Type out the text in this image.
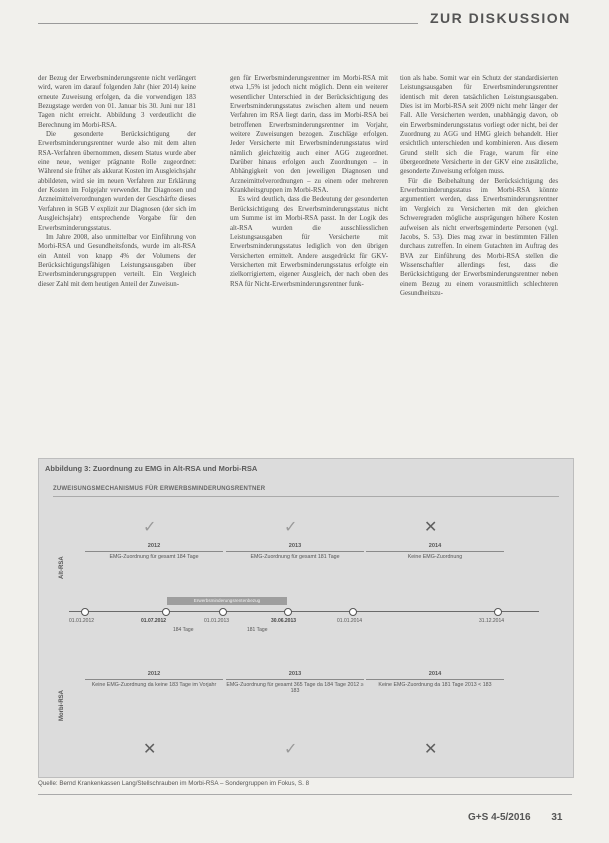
ZUR DISKUSSION

der Bezug der Erwerbsminderungsrente nicht verlängert wird, waren im darauf folgenden Jahr (hier 2014) keine erneute Zuweisung erfolgen, da die vorwendigen 183 Bezugstage werden von 01. Januar bis 30. Juni nur 181 Tagen nicht erreicht. Abbildung 3 verdeutlicht die Berechnung im Morbi-RSA.

Die gesonderte Berücksichtigung der Erwerbsminderungsrentner wurde also mit dem alten RSA-Verfahren übernommen, diesem Status wurde aber eine neue, weniger prägnante Rolle zugeordnet: Während sie früher als akkurat Kosten im Ausgleichsjahr abbildeten, wird sie im neuen Verfahren zur Erklärung der Kosten im Folgejahr verwendet. Ihr Diagnosen und Arzneimittelverordnungen wurden der Geschärfte dieses Verfahren in SGB V explizit zur Diagnosen (der sich im Ausgleichsjahr) entsprechende Vorgabe für den Erwerbsminderungsstatus.

Im Jahre 2008, also unmittelbar vor Einführung von Morbi-RSA und Gesundheitsfonds, wurde im alt-RSA ein Anteil von knapp 4% der Volumens der Berücksichtigungsfähigen Leistungsausgaben über Erwerbsminderungsgruppen verteilt. Ein Vergleich dieser Zahl mit dem heutigen Anteil der Zuweisun-

gen für Erwerbsminderungsrentner im Morbi-RSA mit etwa 1,5% ist jedoch nicht möglich. Denn ein weiterer wesentlicher Unterschied in der Berücksichtigung des Erwerbsminderungsstatus zwischen altem und neuem Verfahren im RSA liegt darin, dass im Morbi-RSA bei betroffenen Erwerbsminderungsrentner im Vorjahr, weitere Zuweisungen bezogen. Zuschläge erfolgen. Jeder Versicherte mit Erwerbsminderungsstatus wird nämlich gleichzeitig auch einer AGG zugeordnet. Darüber hinaus erfolgen auch Zuordnungen – in Abhängigkeit von den jeweiligen Diagnosen und Arzneimittelverordnungen – zu einem oder mehreren Krankheitsgruppen im Morbi-RSA.

Es wird deutlich, dass die Bedeutung der gesonderten Berücksichtigung des Erwerbsminderungsstatus nicht um Summe ist im Morbi-RSA passt. In der Logik des alt-RSA wurden die ausschliesslichen Leistungsausgaben für Versicherte mit Erwerbsminderungsstatus lediglich von den übrigen Versicherten ermittelt. Andere ausgedrückt für GKV-Versicherten mit Erwerbsminderungsstatus erfolgte ein zielkorrigiertem, eigener Ausgleich, der nach oben des RSA für Nicht-Erwerbsminderungsrentner funk-

tion als habe. Somit war ein Schutz der standardisierten Leistungsausgaben für Erwerbsminderungsrentner identisch mit deren tatsächlichen Leistungsausgaben. Dies ist im Morbi-RSA seit 2009 nicht mehr länger der Fall. Alle Versicherten werden, unabhängig davon, ob ein Erwerbsminderungsstatus vorliegt oder nicht, bei der Zuordnung zu AGG und HMG gleich behandelt. Hier ersichtlich unterschieden und kombinieren. Aus diesem Grund stellt sich die Frage, warum für eine übergeordnete Versicherte in der GKV eine zusätzliche, gesonderte Zuweisung erfolgen muss.

Für die Beibehaltung der Berücksichtigung des Erwerbsminderungsstatus im Morbi-RSA könnte argumentiert werden, dass Erwerbsminderungsrentner im Vergleich zu Versicherten mit den gleichen Schweregraden mögliche ausprägungen höhere Kosten aufweisen als nicht erwerbsgeminderte Personen (vgl. Jacobs, S. 53). Dies mag zwar in bestimmten Fällen durchaus zutreffen. In einem Gutachten im Auftrag des BVA zur Einführung des Morbi-RSA stellen die Wissenschaftler allerdings fest, dass die Berücksichtigung der Erwerbsminderungsrentner neben einem Bezug zu einem vorausmittlich schlechteren Gesundheitszu-

Abbildung 3: Zuordnung zu EMG in Alt-RSA und Morbi-RSA
ZUWEISUNGSMECHANISMUS FÜR ERWERBSMINDERUNGSRENTNER
Alt-RSA
Morbi-RSA
✓
2012
EMG-Zuordnung für gesamt 184 Tage
✓
2013
EMG-Zuordnung für gesamt 181 Tage
✕
2014
Keine EMG-Zuordnung
Erwerbsminderungsrentenbezug
01.01.2012	01.07.2012	01.01.2013	30.06.2013	01.01.2014	31.12.2014
184 Tage	181 Tage
2012
Keine EMG-Zuordnung da keine 183 Tage im Vorjahr
✕
2013
EMG-Zuordnung für gesamt 365 Tage da 184 Tage 2012 ≥ 183
✓
2014
Keine EMG-Zuordnung da 181 Tage 2013 < 183
✕
Quelle: Bernd Krankenkassen Lang/Stellschrauben im Morbi-RSA – Sondergruppen im Fokus, S. 8
G+S 4-5/2016 31
